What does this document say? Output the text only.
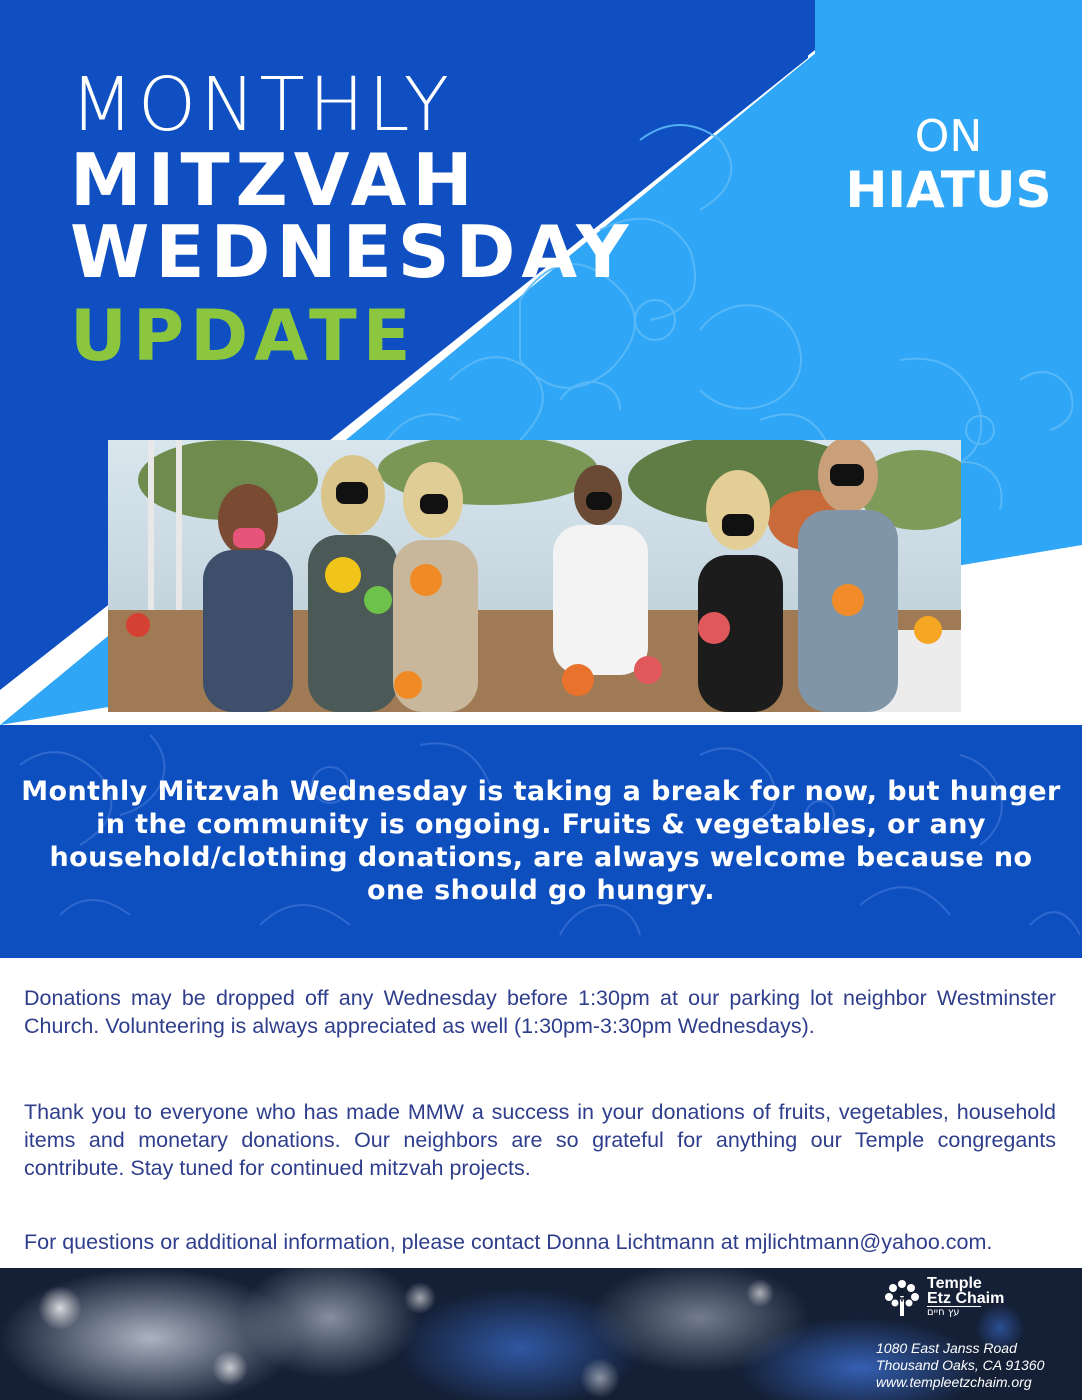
MONTHLY
MITZVAH
WEDNESDAY
UPDATE
ON
HIATUS
Monthly Mitzvah Wednesday is taking a break for now, but hunger in the community is ongoing. Fruits & vegetables, or any household/clothing donations, are always welcome because no one should go hungry.

Donations may be dropped off any Wednesday before 1:30pm at our parking lot neighbor Westminster Church. Volunteering is always appreciated as well (1:30pm-3:30pm Wednesdays).

Thank you to everyone who has made MMW a success in your donations of fruits, vegetables, household items and monetary donations. Our neighbors are so grateful for anything our Temple congregants contribute. Stay tuned for continued mitzvah projects.

For questions or additional information, please contact Donna Lichtmann at mjlichtmann@yahoo.com.

Temple
Etz Chaim
עץ חיים
1080 East Janss Road
Thousand Oaks, CA 91360
www.templeetzchaim.org
